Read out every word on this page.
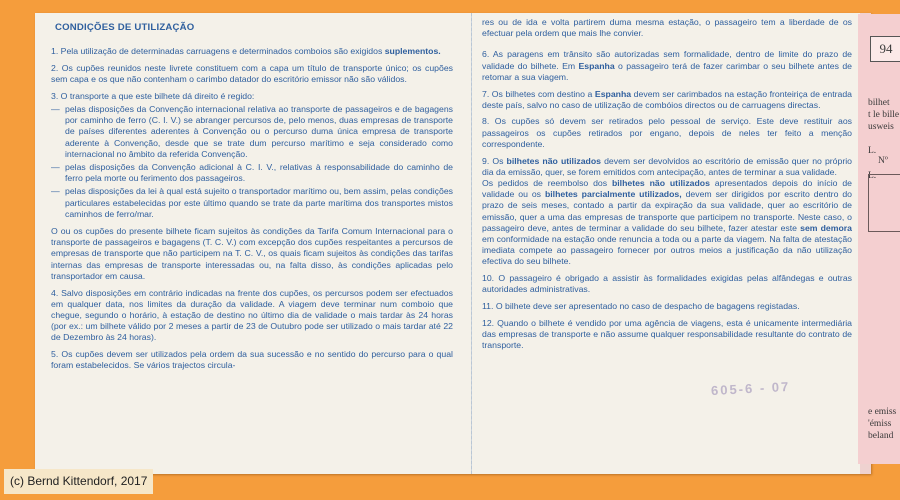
CONDIÇÕES DE UTILIZAÇÃO
1. Pela utilização de determinadas carruagens e determinados comboios são exigidos suplementos.
2. Os cupões reunidos neste livrete constituem com a capa um título de transporte único; os cupões sem capa e os que não contenham o carimbo datador do escritório emissor não são válidos.
3. O transporte a que este bilhete dá direito é regido:
— pelas disposições da Convenção internacional relativa ao transporte de passageiros e de bagagens por caminho de ferro (C. I. V.) se abranger percursos de, pelo menos, duas empresas de transporte de países diferentes aderentes à Convenção ou o percurso duma única empresa de transporte aderente à Convenção, desde que se trate dum percurso marítimo e seja considerado como internacional no âmbito da referida Convenção.
— pelas disposições da Convenção adicional à C. I. V., relativas à responsabilidade do caminho de ferro pela morte ou ferimento dos passageiros.
— pelas disposições da lei à qual está sujeito o transportador marítimo ou, bem assim, pelas condições particulares estabelecidas por este último quando se trate da parte marítima dos transportes mistos caminhos de ferro/mar.
O ou os cupões do presente bilhete ficam sujeitos às condições da Tarifa Comum Internacional para o transporte de passageiros e bagagens (T. C. V.) com excepção dos cupões respeitantes a percursos de empresas de transporte que não participem na T. C. V., os quais ficam sujeitos às condições das tarifas internas das empresas de transporte interessadas ou, na falta disso, às condições aplicadas pelo transportador em causa.
4. Salvo disposições em contrário indicadas na frente dos cupões, os percursos podem ser efectuados em qualquer data, nos limites da duração da validade. A viagem deve terminar num comboio que chegue, segundo o horário, à estação de destino no último dia de validade o mais tardar às 24 horas (por ex.: um bilhete válido por 2 meses a partir de 23 de Outubro pode ser utilizado o mais tardar até 22 de Dezembro às 24 horas).
5. Os cupões devem ser utilizados pela ordem da sua sucessão e no sentido do percurso para o qual foram estabelecidos. Se vários trajectos circula-
res ou de ida e volta partirem duma mesma estação, o passageiro tem a liberdade de os efectuar pela ordem que mais lhe convier.
6. As paragens em trânsito são autorizadas sem formalidade, dentro de limite do prazo de validade do bilhete. Em Espanha o passageiro terá de fazer carimbar o seu bilhete antes de retomar a sua viagem.
7. Os bilhetes com destino a Espanha devem ser carimbados na estação fronteiriça de entrada deste país, salvo no caso de utilização de combóios directos ou de carruagens directas.
8. Os cupões só devem ser retirados pelo pessoal de serviço. Este deve restituir aos passageiros os cupões retirados por engano, depois de neles ter feito a menção correspondente.
9. Os bilhetes não utilizados devem ser devolvidos ao escritório de emissão quer no próprio dia da emissão, quer, se forem emitidos com antecipação, antes de terminar a sua validade.
Os pedidos de reembolso dos bilhetes não utilizados apresentados depois do início de validade ou os bilhetes parcialmente utilizados, devem ser dirigidos por escrito dentro do prazo de seis meses, contado a partir da expiração da sua validade, quer ao escritório de emissão, quer a uma das empresas de transporte que participem no transporte. Neste caso, o passageiro deve, antes de terminar a validade do seu bilhete, fazer atestar este sem demora em conformidade na estação onde renuncia a toda ou a parte da viagem. Na falta de atestação imediata compete ao passageiro fornecer por outros meios a justificação da não utilização efectiva do seu bilhete.
10. O passageiro é obrigado a assistir às formalidades exigidas pelas alfândegas e outras autoridades administrativas.
11. O bilhete deve ser apresentado no caso de despacho de bagagens registadas.
12. Quando o bilhete é vendido por uma agência de viagens, esta é unicamente intermediária das empresas de transporte e não assume qualquer responsabilidade resultante do contrato de transporte.
605-6 - 07
94
bilhet
t le bille
usweis
L.
Nº
L.
e emiss
'émiss
beland
(c) Bernd Kittendorf, 2017
